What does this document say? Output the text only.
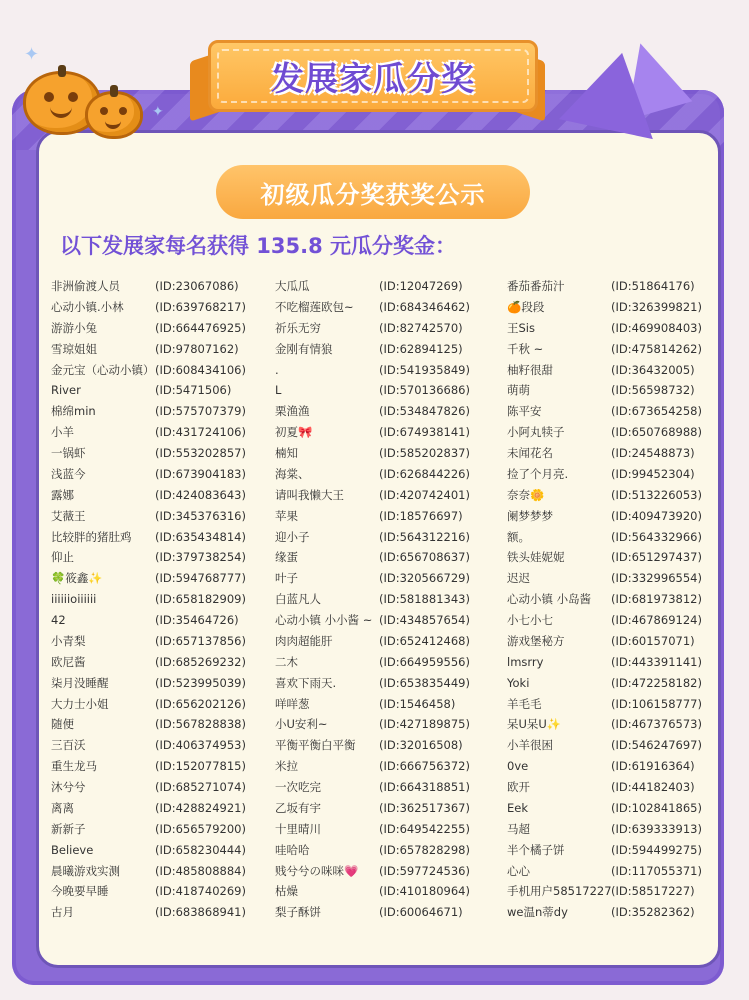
发展家瓜分奖
✦
✦
初级瓜分奖获奖公示
以下发展家每名获得 135.8 元瓜分奖金：
非洲偷渡人员	(ID:23067086)
心动小镇.小林	(ID:639768217)
游游小兔	(ID:664476925)
雪琼姐姐	(ID:97807162)
金元宝（心动小镇） (ID:608434106)
River	(ID:5471506)
棉绵min	(ID:575707379)
小羊	(ID:431724106)
一锅虾	(ID:553202857)
浅蓝今	(ID:673904183)
露娜	(ID:424083643)
艾薇王	(ID:345376316)
比较胖的猪肚鸡 (ID:635434814)
仰止	(ID:379738254)
🍀筱鑫✨	(ID:594768777)
iiiiiioiiiiii	(ID:658182909)
42	(ID:35464726)
小青梨	(ID:657137856)
欧尼酱	(ID:685269232)
柒月没睡醒	(ID:523995039)
大力士小姐	(ID:656202126)
随便	(ID:567828838)
三百沃	(ID:406374953)
重生龙马	(ID:152077815)
沐兮兮	(ID:685271074)
离离	(ID:428824921)
新新子	(ID:656579200)
Believe	(ID:658230444)
晨曦游戏实测	(ID:485808884)
今晚要早睡	(ID:418740269)
古月	(ID:683868941)
大瓜瓜	(ID:12047269)
不吃榴莲欧包~ (ID:684346462)
祈乐无穷	(ID:82742570)
金刚有情狼	(ID:62894125)
.	(ID:541935849)
L	(ID:570136686)
栗渔渔	(ID:534847826)
初夏🎀	(ID:674938141)
楠知	(ID:585202837)
海棠、	(ID:626844226)
请叫我懒大王	(ID:420742401)
苹果	(ID:18576697)
迎小子	(ID:564312216)
缘蛋	(ID:656708637)
叶子	(ID:320566729)
白蓝凡人	(ID:581881343)
心动小镇 小小酱 ~ (ID:434857654)
肉肉超能肝	(ID:652412468)
二木	(ID:664959556)
喜欢下雨天.	(ID:653835449)
咩咩葱	(ID:1546458)
小U安利~	(ID:427189875)
平衡平衡白平衡 (ID:32016508)
米拉	(ID:666756372)
一次吃完	(ID:664318851)
乙坂有宇	(ID:362517367)
十里晴川	(ID:649542255)
哇哈哈	(ID:657828298)
贱兮兮の咪咪💗 (ID:597724536)
枯燥	(ID:410180964)
梨子酥饼	(ID:60064671)
番茄番茄汁	(ID:51864176)
🍊段段	(ID:326399821)
王Sis	(ID:469908403)
千秋 ~	(ID:475814262)
柚籽很甜	(ID:36432005)
萌萌	(ID:56598732)
陈平安	(ID:673654258)
小阿丸犊子	(ID:650768988)
未闻花名	(ID:24548873)
捡了个月亮.	(ID:99452304)
奈奈🌼	(ID:513226053)
阑梦梦梦	(ID:409473920)
额。	(ID:564332966)
铁头娃妮妮	(ID:651297437)
迟迟	(ID:332996554)
心动小镇 小岛酱 (ID:681973812)
小七小七	(ID:467869124)
游戏堡秘方	(ID:60157071)
lmsrry	(ID:443391141)
Yoki	(ID:472258182)
羊毛毛	(ID:106158777)
呆U呆U✨	(ID:467376573)
小羊很困	(ID:546247697)
0ve	(ID:61916364)
欧开	(ID:44182403)
Eek	(ID:102841865)
马超	(ID:639333913)
半个橘子饼	(ID:594499275)
心心	(ID:117055371)
手机用户58517227 (ID:58517227)
we温n蒂dy	(ID:35282362)
